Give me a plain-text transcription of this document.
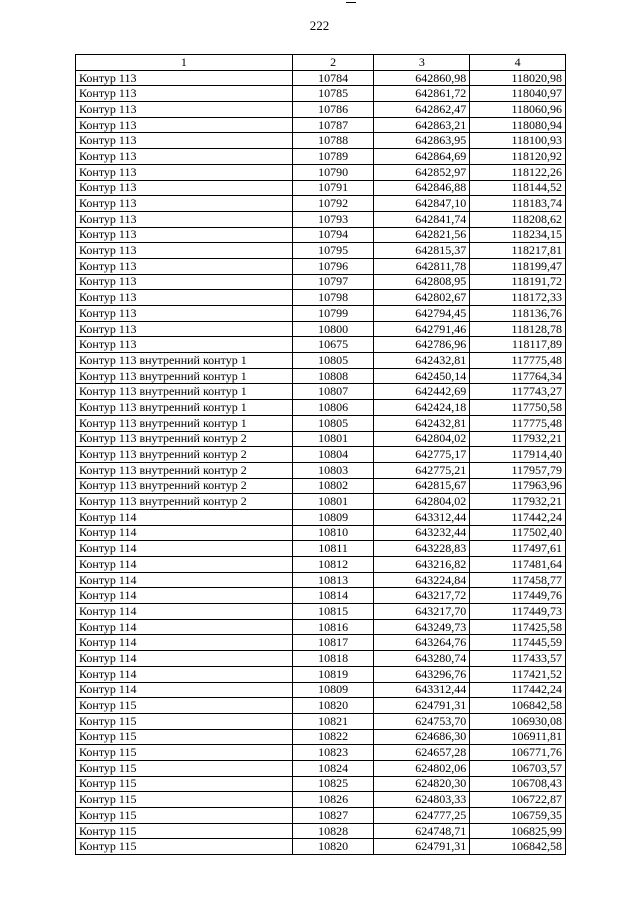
222
1	2	3	4
Контур 113	10784	642860,98	118020,98
Контур 113	10785	642861,72	118040,97
Контур 113	10786	642862,47	118060,96
Контур 113	10787	642863,21	118080,94
Контур 113	10788	642863,95	118100,93
Контур 113	10789	642864,69	118120,92
Контур 113	10790	642852,97	118122,26
Контур 113	10791	642846,88	118144,52
Контур 113	10792	642847,10	118183,74
Контур 113	10793	642841,74	118208,62
Контур 113	10794	642821,56	118234,15
Контур 113	10795	642815,37	118217,81
Контур 113	10796	642811,78	118199,47
Контур 113	10797	642808,95	118191,72
Контур 113	10798	642802,67	118172,33
Контур 113	10799	642794,45	118136,76
Контур 113	10800	642791,46	118128,78
Контур 113	10675	642786,96	118117,89
Контур 113 внутренний контур 1	10805	642432,81	117775,48
Контур 113 внутренний контур 1	10808	642450,14	117764,34
Контур 113 внутренний контур 1	10807	642442,69	117743,27
Контур 113 внутренний контур 1	10806	642424,18	117750,58
Контур 113 внутренний контур 1	10805	642432,81	117775,48
Контур 113 внутренний контур 2	10801	642804,02	117932,21
Контур 113 внутренний контур 2	10804	642775,17	117914,40
Контур 113 внутренний контур 2	10803	642775,21	117957,79
Контур 113 внутренний контур 2	10802	642815,67	117963,96
Контур 113 внутренний контур 2	10801	642804,02	117932,21
Контур 114	10809	643312,44	117442,24
Контур 114	10810	643232,44	117502,40
Контур 114	10811	643228,83	117497,61
Контур 114	10812	643216,82	117481,64
Контур 114	10813	643224,84	117458,77
Контур 114	10814	643217,72	117449,76
Контур 114	10815	643217,70	117449,73
Контур 114	10816	643249,73	117425,58
Контур 114	10817	643264,76	117445,59
Контур 114	10818	643280,74	117433,57
Контур 114	10819	643296,76	117421,52
Контур 114	10809	643312,44	117442,24
Контур 115	10820	624791,31	106842,58
Контур 115	10821	624753,70	106930,08
Контур 115	10822	624686,30	106911,81
Контур 115	10823	624657,28	106771,76
Контур 115	10824	624802,06	106703,57
Контур 115	10825	624820,30	106708,43
Контур 115	10826	624803,33	106722,87
Контур 115	10827	624777,25	106759,35
Контур 115	10828	624748,71	106825,99
Контур 115	10820	624791,31	106842,58
